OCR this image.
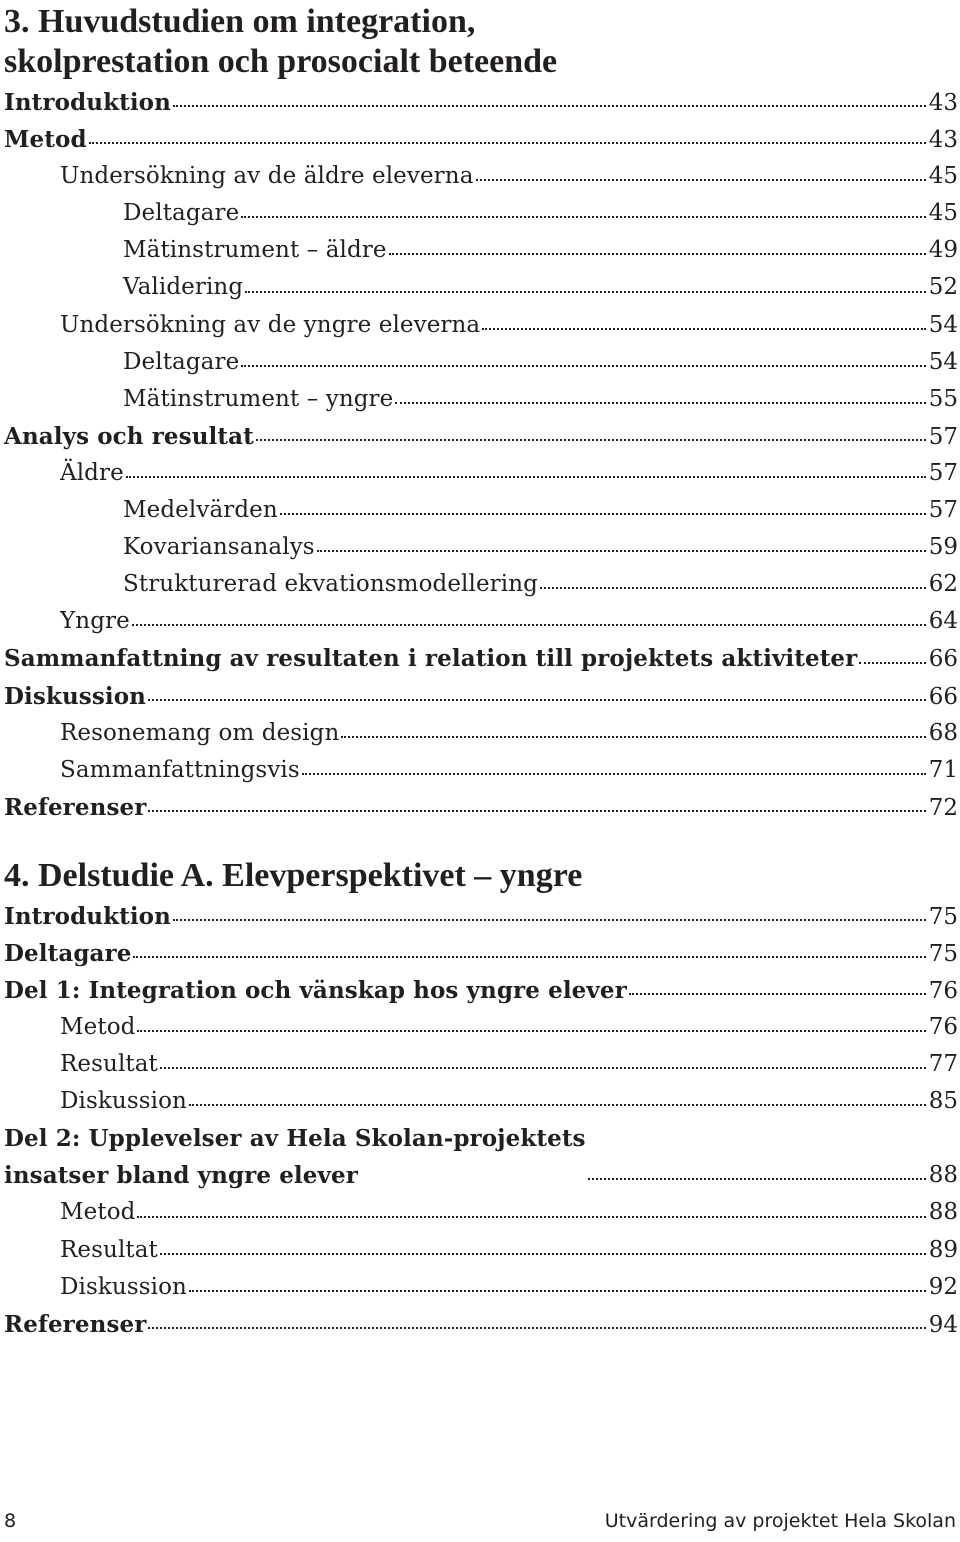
3. Huvudstudien om integration,
skolprestation och prosocialt beteende
Introduktion	43
Metod	43
Undersökning av de äldre eleverna	45
Deltagare	45
Mätinstrument – äldre	49
Validering	52
Undersökning av de yngre eleverna	54
Deltagare	54
Mätinstrument – yngre	55
Analys och resultat	57
Äldre	57
Medelvärden	57
Kovariansanalys	59
Strukturerad ekvationsmodellering	62
Yngre	64
Sammanfattning av resultaten i relation till projektets aktiviteter	66
Diskussion	66
Resonemang om design	68
Sammanfattningsvis	71
Referenser	72
4. Delstudie A. Elevperspektivet – yngre
Introduktion	75
Deltagare	75
Del 1: Integration och vänskap hos yngre elever	76
Metod	76
Resultat	77
Diskussion	85
Del 2: Upplevelser av Hela Skolan-projektets
insatser bland yngre elever	88
Metod	88
Resultat	89
Diskussion	92
Referenser	94
8	Utvärdering av projektet Hela Skolan
